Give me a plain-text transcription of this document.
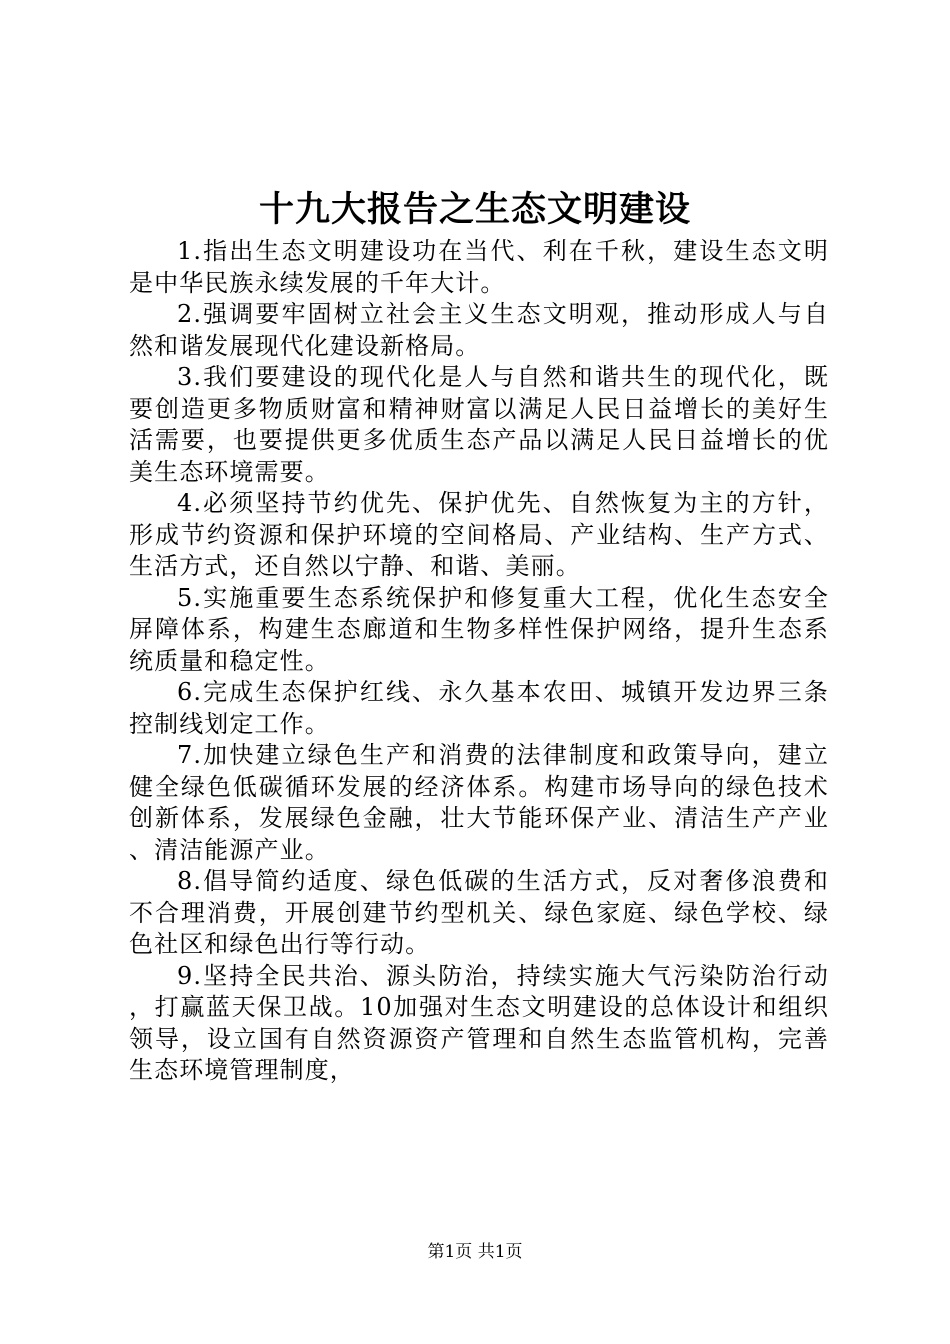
十九大报告之生态文明建设

1.指出生态文明建设功在当代、利在千秋，建设生态文明是中华民族永续发展的千年大计。

2.强调要牢固树立社会主义生态文明观，推动形成人与自然和谐发展现代化建设新格局。

3.我们要建设的现代化是人与自然和谐共生的现代化，既要创造更多物质财富和精神财富以满足人民日益增长的美好生活需要，也要提供更多优质生态产品以满足人民日益增长的优美生态环境需要。

4.必须坚持节约优先、保护优先、自然恢复为主的方针，形成节约资源和保护环境的空间格局、产业结构、生产方式、生活方式，还自然以宁静、和谐、美丽。

5.实施重要生态系统保护和修复重大工程，优化生态安全屏障体系，构建生态廊道和生物多样性保护网络，提升生态系统质量和稳定性。

6.完成生态保护红线、永久基本农田、城镇开发边界三条控制线划定工作。

7.加快建立绿色生产和消费的法律制度和政策导向，建立健全绿色低碳循环发展的经济体系。构建市场导向的绿色技术创新体系，发展绿色金融，壮大节能环保产业、清洁生产产业、清洁能源产业。

8.倡导简约适度、绿色低碳的生活方式，反对奢侈浪费和不合理消费，开展创建节约型机关、绿色家庭、绿色学校、绿色社区和绿色出行等行动。

9.坚持全民共治、源头防治，持续实施大气污染防治行动，打赢蓝天保卫战。10加强对生态文明建设的总体设计和组织领导，设立国有自然资源资产管理和自然生态监管机构，完善生态环境管理制度，

第1页 共1页
